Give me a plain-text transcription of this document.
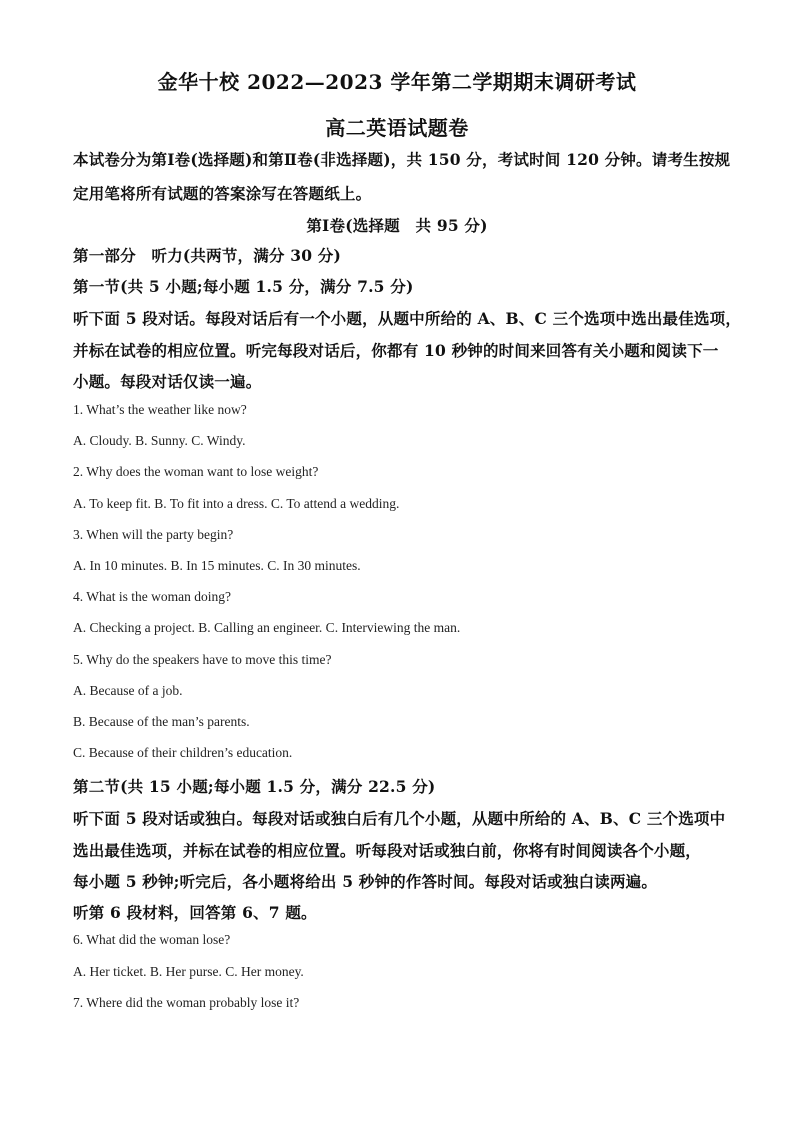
金华十校 2022—2023 学年第二学期期末调研考试
高二英语试题卷
本试卷分为第Ⅰ卷(选择题)和第Ⅱ卷(非选择题)，共 150 分，考试时间 120 分钟。请考生按规
定用笔将所有试题的答案涂写在答题纸上。
第Ⅰ卷(选择题　共 95 分)
第一部分　听力(共两节，满分 30 分)
第一节(共 5 小题;每小题 1.5 分，满分 7.5 分)
听下面 5 段对话。每段对话后有一个小题，从题中所给的 A、B、C 三个选项中选出最佳选项，
并标在试卷的相应位置。听完每段对话后，你都有 10 秒钟的时间来回答有关小题和阅读下一
小题。每段对话仅读一遍。
1. What’s the weather like now?
A. Cloudy. B. Sunny. C. Windy.
2. Why does the woman want to lose weight?
A. To keep fit. B. To fit into a dress. C. To attend a wedding.
3. When will the party begin?
A. In 10 minutes. B. In 15 minutes. C. In 30 minutes.
4. What is the woman doing?
A. Checking a project. B. Calling an engineer. C. Interviewing the man.
5. Why do the speakers have to move this time?
A. Because of a job.
B. Because of the man’s parents.
C. Because of their children’s education.
第二节(共 15 小题;每小题 1.5 分，满分 22.5 分)
听下面 5 段对话或独白。每段对话或独白后有几个小题，从题中所给的 A、B、C 三个选项中
选出最佳选项，并标在试卷的相应位置。听每段对话或独白前，你将有时间阅读各个小题，
每小题 5 秒钟;听完后，各小题将给出 5 秒钟的作答时间。每段对话或独白读两遍。
听第 6 段材料，回答第 6、7 题。
6. What did the woman lose?
A. Her ticket. B. Her purse. C. Her money.
7. Where did the woman probably lose it?
